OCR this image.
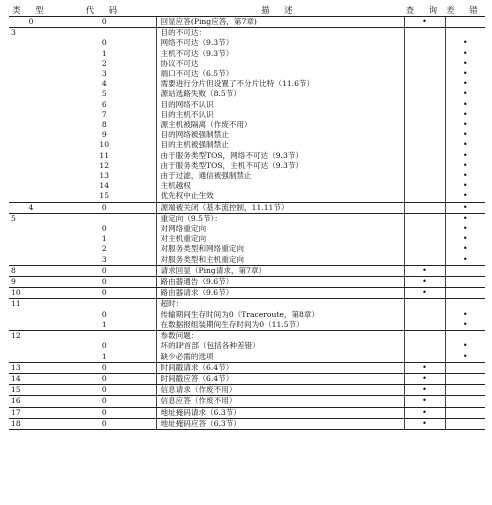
类 型	代 码	描 述	查 询	差 错
0	0	回显应答(Ping应答，第7章)	•	
3		目的不可达：		
	0	网络不可达（9.3节）		•
	1	主机不可达（9.3节）		•
	2	协议不可达		•
	3	端口不可达（6.5节）		•
	4	需要进行分片但设置了不分片比特（11.6节）		•
	5	源站选路失败（8.5节）		•
	6	目的网络不认识		•
	7	目的主机不认识		•
	8	源主机被隔离（作废不用）		•
	9	目的网络被强制禁止		•
	10	目的主机被强制禁止		•
	11	由于服务类型TOS，网络不可达（9.3节）		•
	12	由于服务类型TOS，主机不可达（9.3节）		•
	13	由于过滤，通信被强制禁止		•
	14	主机越权		•
	15	优先权中止生效		•
4	0	源端被关闭（基本流控制，11.11节）		•
5		重定向（9.5节）：		•
	0	对网络重定向		•
	1	对主机重定向		•
	2	对服务类型和网络重定向		•
	3	对服务类型和主机重定向		•
8	0	请求回显（Ping请求，第7章）	•	
9	0	路由器通告（9.6节）	•	
10	0	路由器请求（9.6节）	•	
11		超时：		
	0	传输期间生存时间为0（Traceroute，第8章）		•
	1	在数据报组装期间生存时间为0（11.5节）		•
12		参数问题：		
	0	坏的IP首部（包括各种差错）		•
	1	缺少必需的选项		•
13	0	时间戳请求（6.4节）	•	
14	0	时间戳应答（6.4节）	•	
15	0	信息请求（作废不用）	•	
16	0	信息应答（作废不用）	•	
17	0	地址掩码请求（6.3节）	•	
18	0	地址掩码应答（6.3节）	•	
